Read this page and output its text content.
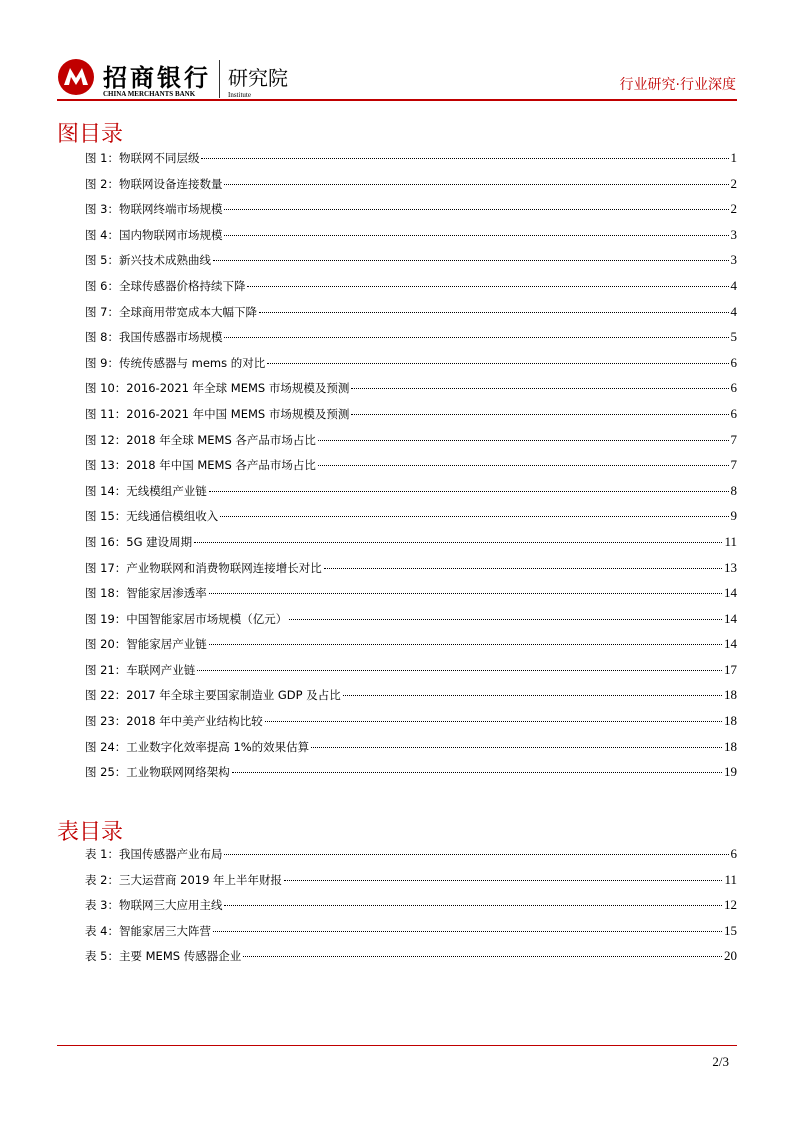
招商银行
CHINA MERCHANTS BANK
研究院
Institute
行业研究·行业深度
图目录
图 1：物联网不同层级	1
图 2：物联网设备连接数量	2
图 3：物联网终端市场规模	2
图 4：国内物联网市场规模	3
图 5：新兴技术成熟曲线	3
图 6：全球传感器价格持续下降	4
图 7：全球商用带宽成本大幅下降	4
图 8：我国传感器市场规模	5
图 9：传统传感器与 mems 的对比	6
图 10：2016-2021 年全球 MEMS 市场规模及预测	6
图 11：2016-2021 年中国 MEMS 市场规模及预测	6
图 12：2018 年全球 MEMS 各产品市场占比	7
图 13：2018 年中国 MEMS 各产品市场占比	7
图 14：无线模组产业链	8
图 15：无线通信模组收入	9
图 16：5G 建设周期	11
图 17：产业物联网和消费物联网连接增长对比	13
图 18：智能家居渗透率	14
图 19：中国智能家居市场规模（亿元）	14
图 20：智能家居产业链	14
图 21：车联网产业链	17
图 22：2017 年全球主要国家制造业 GDP 及占比	18
图 23：2018 年中美产业结构比较	18
图 24：工业数字化效率提高 1%的效果估算	18
图 25：工业物联网网络架构	19
表目录
表 1：我国传感器产业布局	6
表 2：三大运营商 2019 年上半年财报	11
表 3：物联网三大应用主线	12
表 4：智能家居三大阵营	15
表 5：主要 MEMS 传感器企业	20
2/3
